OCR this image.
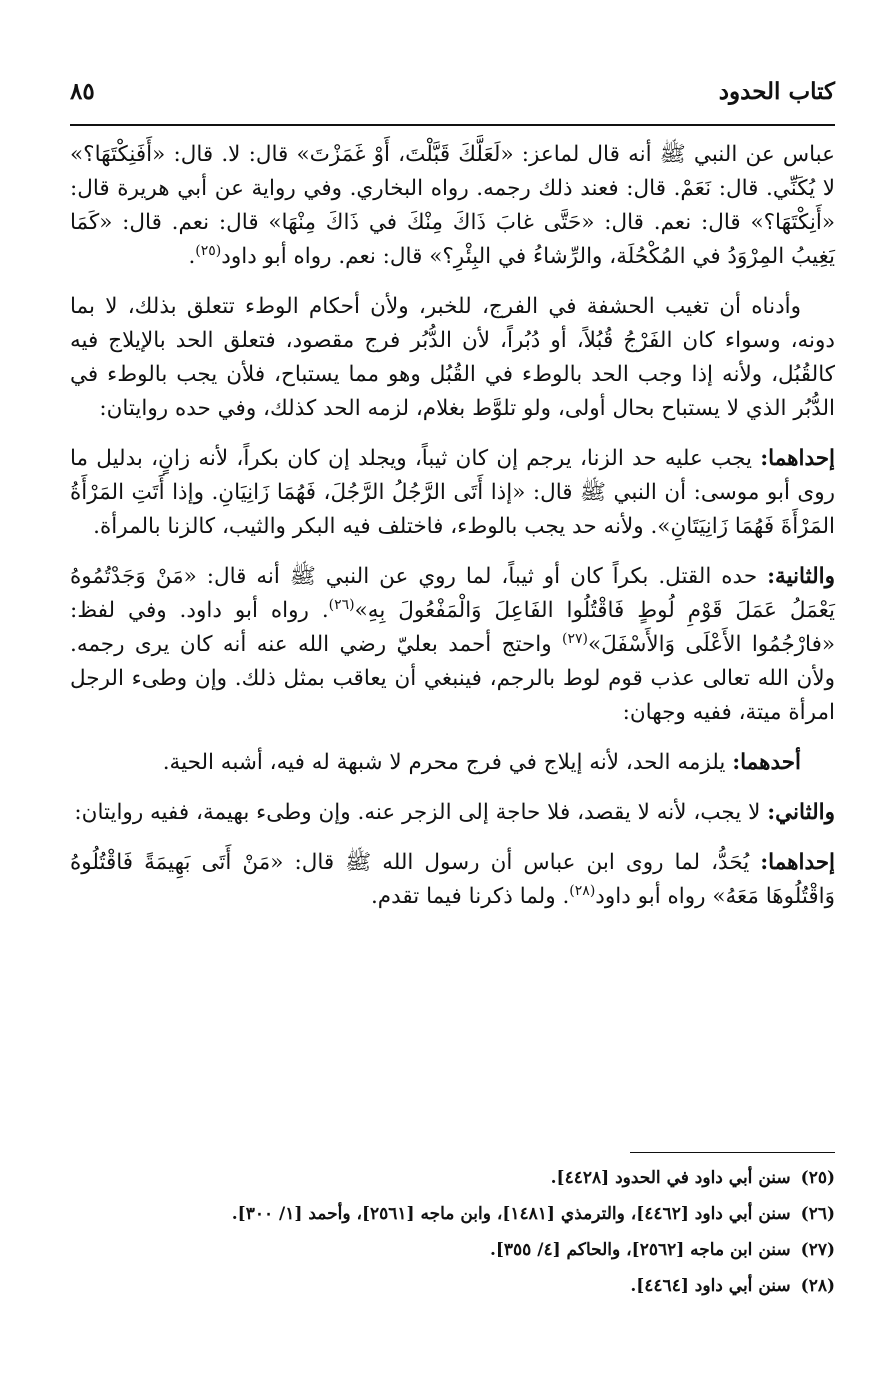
كتاب الحدود
٨٥

عباس عن النبي ﷺ أنه قال لماعز: «لَعَلَّكَ قَبَّلْتَ، أَوْ غَمَزْتَ» قال: لا. قال: «أَفَنِكْتَهَا؟» لا يُكَنِّي. قال: نَعَمْ. قال: فعند ذلك رجمه. رواه البخاري. وفي رواية عن أبي هريرة قال: «أَنِكْتَهَا؟» قال: نعم. قال: «حَتَّى غابَ ذَاكَ مِنْكَ في ذَاكَ مِنْهَا» قال: نعم. قال: «كَمَا يَغِيبُ المِرْوَدُ في المُكْحُلَة، والرِّشاءُ في البِئْرِ؟» قال: نعم. رواه أبو داود$^{(٢٥)}$.

وأدناه أن تغيب الحشفة في الفرج، للخبر، ولأن أحكام الوطء تتعلق بذلك، لا بما دونه، وسواء كان الفَرْجُ قُبُلاً، أو دُبُراً، لأن الدُّبُر فرج مقصود، فتعلق الحد بالإيلاج فيه كالقُبُل، ولأنه إذا وجب الحد بالوطء في القُبُل وهو مما يستباح، فلأن يجب بالوطء في الدُّبُر الذي لا يستباح بحال أولى، ولو تلوَّط بغلام، لزمه الحد كذلك، وفي حده روايتان:

إحداهما: يجب عليه حد الزنا، يرجم إن كان ثيباً، ويجلد إن كان بكراً، لأنه زانٍ، بدليل ما روى أبو موسى: أن النبي ﷺ قال: «إذا أَتَى الرَّجُلُ الرَّجُلَ، فَهُمَا زَانِيَانِ. وإذا أَتَتِ المَرْأَةُ المَرْأَةَ فَهُمَا زَانِيَتَانِ». ولأنه حد يجب بالوطء، فاختلف فيه البكر والثيب، كالزنا بالمرأة.

والثانية: حده القتل. بكراً كان أو ثيباً، لما روي عن النبي ﷺ أنه قال: «مَنْ وَجَدْتُمُوهُ يَعْمَلُ عَمَلَ قَوْمِ لُوطٍ فَاقْتُلُوا الفَاعِلَ وَالْمَفْعُولَ بِهِ»$^{(٢٦)}$. رواه أبو داود. وفي لفظ: «فارْجُمُوا الأَعْلَى وَالأَسْفَلَ»$^{(٢٧)}$ واحتج أحمد بعليّ رضي الله عنه أنه كان يرى رجمه. ولأن الله تعالى عذب قوم لوط بالرجم، فينبغي أن يعاقب بمثل ذلك. وإن وطىء الرجل امرأة ميتة، ففيه وجهان:

أحدهما: يلزمه الحد، لأنه إيلاج في فرج محرم لا شبهة له فيه، أشبه الحية.

والثاني: لا يجب، لأنه لا يقصد، فلا حاجة إلى الزجر عنه. وإن وطىء بهيمة، ففيه روايتان:

إحداهما: يُحَدُّ، لما روى ابن عباس أن رسول الله ﷺ قال: «مَنْ أَتَى بَهِيمَةً فَاقْتُلُوهُ وَاقْتُلُوهَا مَعَهُ» رواه أبو داود$^{(٢٨)}$. ولما ذكرنا فيما تقدم.

(٢٥)سنن أبي داود في الحدود [٤٤٢٨].
(٢٦)سنن أبي داود [٤٤٦٢]، والترمذي [١٤٨١]، وابن ماجه [٢٥٦١]، وأحمد [١/ ٣٠٠].
(٢٧)سنن ابن ماجه [٢٥٦٢]، والحاكم [٤/ ٣٥٥].
(٢٨)سنن أبي داود [٤٤٦٤].
